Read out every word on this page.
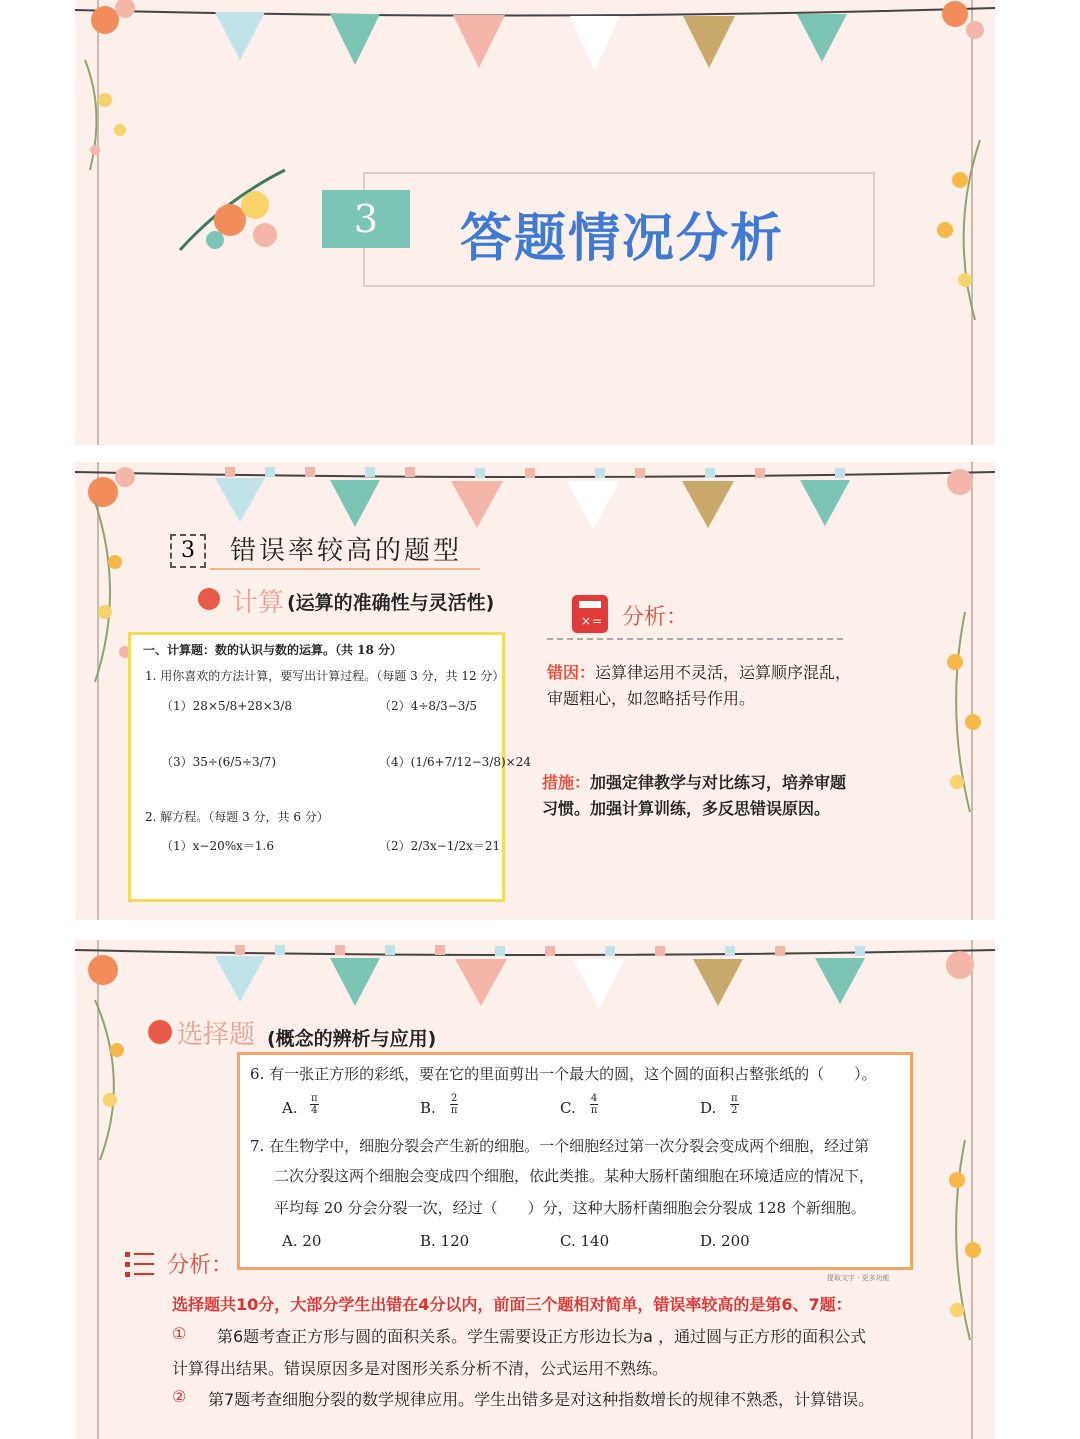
3	答题情况分析
3	错误率较高的题型
计算 (运算的准确性与灵活性)
一、计算题：数的认识与数的运算。（共 18 分）
1. 用你喜欢的方法计算，要写出计算过程。（每题 3 分，共 12 分）
（1）28×5/8+28×3/8	（2）4÷8/3−3/5
（3）35÷(6/5÷3/7)	（4）(1/6+7/12−3/8)×24
2. 解方程。（每题 3 分，共 6 分）
（1）x−20%x＝1.6	（2）2/3x−1/2x＝21
× = 分析：
错因：运算律运用不灵活，运算顺序混乱，
审题粗心，如忽略括号作用。
措施：加强定律教学与对比练习，培养审题
习惯。加强计算训练，多反思错误原因。
选择题 (概念的辨析与应用)
6. 有一张正方形的彩纸，要在它的里面剪出一个最大的圆，这个圆的面积占整张纸的（　　）。
A. $\frac{\pi}{4}$	B. $\frac{2}{\pi}$	C. $\frac{4}{\pi}$	D. $\frac{\pi}{2}$
7. 在生物学中，细胞分裂会产生新的细胞。一个细胞经过第一次分裂会变成两个细胞，经过第
二次分裂这两个细胞会变成四个细胞，依此类推。某种大肠杆菌细胞在环境适应的情况下，
平均每 20 分会分裂一次，经过（　　）分，这种大肠杆菌细胞会分裂成 128 个新细胞。
A. 20	B. 120	C. 140	D. 200
提取文字 · 更多功能
分析：
选择题共10分，大部分学生出错在4分以内，前面三个题相对简单，错误率较高的是第6、7题：
① 第6题考查正方形与圆的面积关系。学生需要设正方形边长为a ，通过圆与正方形的面积公式
计算得出结果。错误原因多是对图形关系分析不清，公式运用不熟练。
② 第7题考查细胞分裂的数学规律应用。学生出错多是对这种指数增长的规律不熟悉，计算错误。
